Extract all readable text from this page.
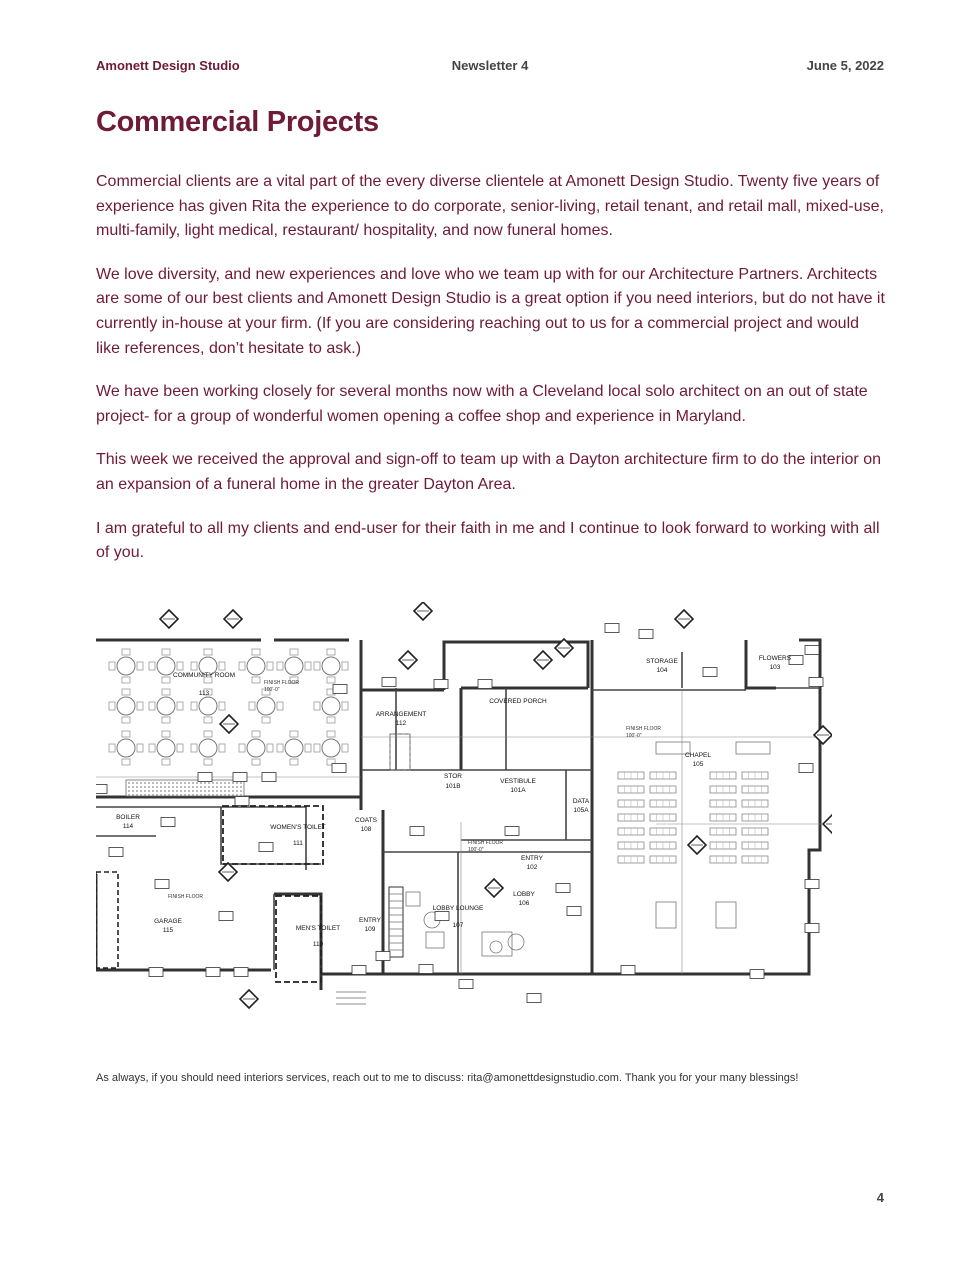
Amonett Design Studio	Newsletter 4	June 5, 2022
Commercial Projects

Commercial clients are a vital part of the every diverse clientele at Amonett Design Studio. Twenty five years of experience has given Rita the experience to do corporate, senior-living, retail tenant, and retail mall, mixed-use, multi-family, light medical, restaurant/ hospitality, and now funeral homes.

We love diversity, and new experiences and love who we team up with for our Architecture Partners. Architects are some of our best clients and Amonett Design Studio is a great option if you need interiors, but do not have it currently in-house at your firm. (If you are considering reaching out to us for a commercial project and would like references, don’t hesitate to ask.)

We have been working closely for several months now with a Cleveland local solo architect on an out of state project- for a group of wonderful women opening a coffee shop and experience in Maryland.

This week we received the approval and sign-off to team up with a Dayton architecture firm to do the interior on an expansion of a funeral home in the greater Dayton Area.

I am grateful to all my clients and end-user for their faith in me and I continue to look forward to working with all of you.

COMMUNITY ROOM
113
ARRANGEMENT
112
COVERED PORCH
STORAGE
104
FLOWERS
103
CHAPEL
105
STOR
101B
VESTIBULE
101A
DATA
105A
BOILER
114	WOMEN'S TOILET
111
COATS
108
ENTRY
102
GARAGE
115	MEN'S TOILET
110
ENTRY
109
LOBBY LOUNGE
107
LOBBY
106
FINISH FLOOR
100'-0"
FINISH FLOOR
100'-0"
FINISH FLOOR
100'-0"
FINISH FLOOR
As always, if you should need interiors services, reach out to me to discuss: rita@amonettdesignstudio.com. Thank you for your many blessings!
4
